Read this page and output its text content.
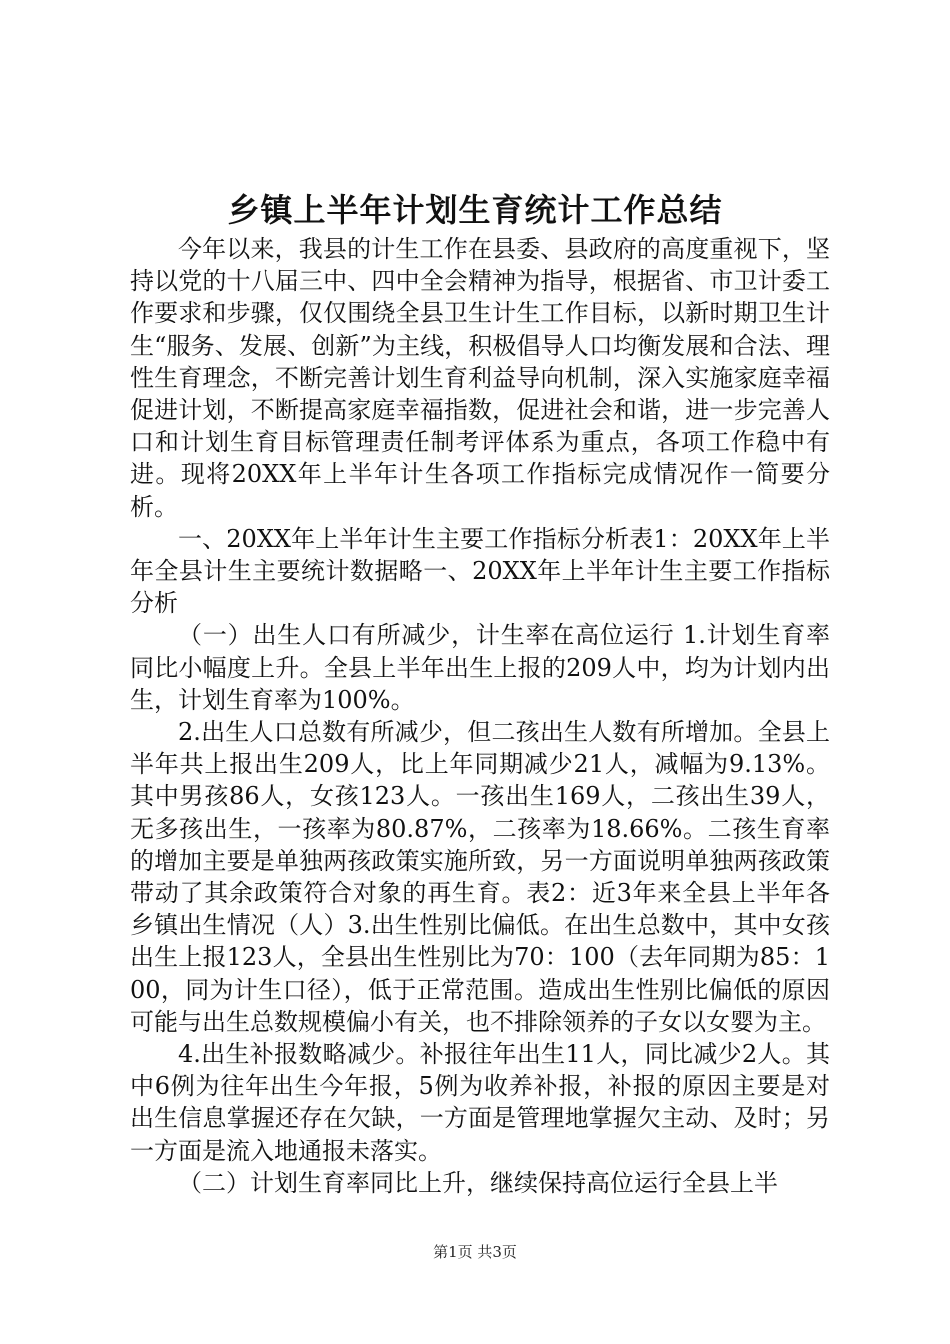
乡镇上半年计划生育统计工作总结

今年以来，我县的计生工作在县委、县政府的高度重视下，坚持以党的十八届三中、四中全会精神为指导，根据省、市卫计委工作要求和步骤，仅仅围绕全县卫生计生工作目标，以新时期卫生计生“服务、发展、创新”为主线，积极倡导人口均衡发展和合法、理性生育理念，不断完善计划生育利益导向机制，深入实施家庭幸福促进计划，不断提高家庭幸福指数，促进社会和谐，进一步完善人口和计划生育目标管理责任制考评体系为重点，各项工作稳中有进。现将20XX年上半年计生各项工作指标完成情况作一简要分析。

一、20XX年上半年计生主要工作指标分析表1：20XX年上半年全县计生主要统计数据略一、20XX年上半年计生主要工作指标分析

（一）出生人口有所减少，计生率在高位运行 1.计划生育率同比小幅度上升。全县上半年出生上报的209人中，均为计划内出生，计划生育率为100%。

2.出生人口总数有所减少，但二孩出生人数有所增加。全县上半年共上报出生209人，比上年同期减少21人，减幅为9.13%。其中男孩86人，女孩123人。一孩出生169人，二孩出生39人，无多孩出生，一孩率为80.87%，二孩率为18.66%。二孩生育率的增加主要是单独两孩政策实施所致，另一方面说明单独两孩政策带动了其余政策符合对象的再生育。表2：近3年来全县上半年各乡镇出生情况（人）3.出生性别比偏低。在出生总数中，其中女孩出生上报123人，全县出生性别比为70：100（去年同期为85：100，同为计生口径），低于正常范围。造成出生性别比偏低的原因可能与出生总数规模偏小有关，也不排除领养的子女以女婴为主。

4.出生补报数略减少。补报往年出生11人，同比减少2人。其中6例为往年出生今年报，5例为收养补报，补报的原因主要是对出生信息掌握还存在欠缺，一方面是管理地掌握欠主动、及时；另一方面是流入地通报未落实。

（二）计划生育率同比上升，继续保持高位运行全县上半

第1页 共3页
